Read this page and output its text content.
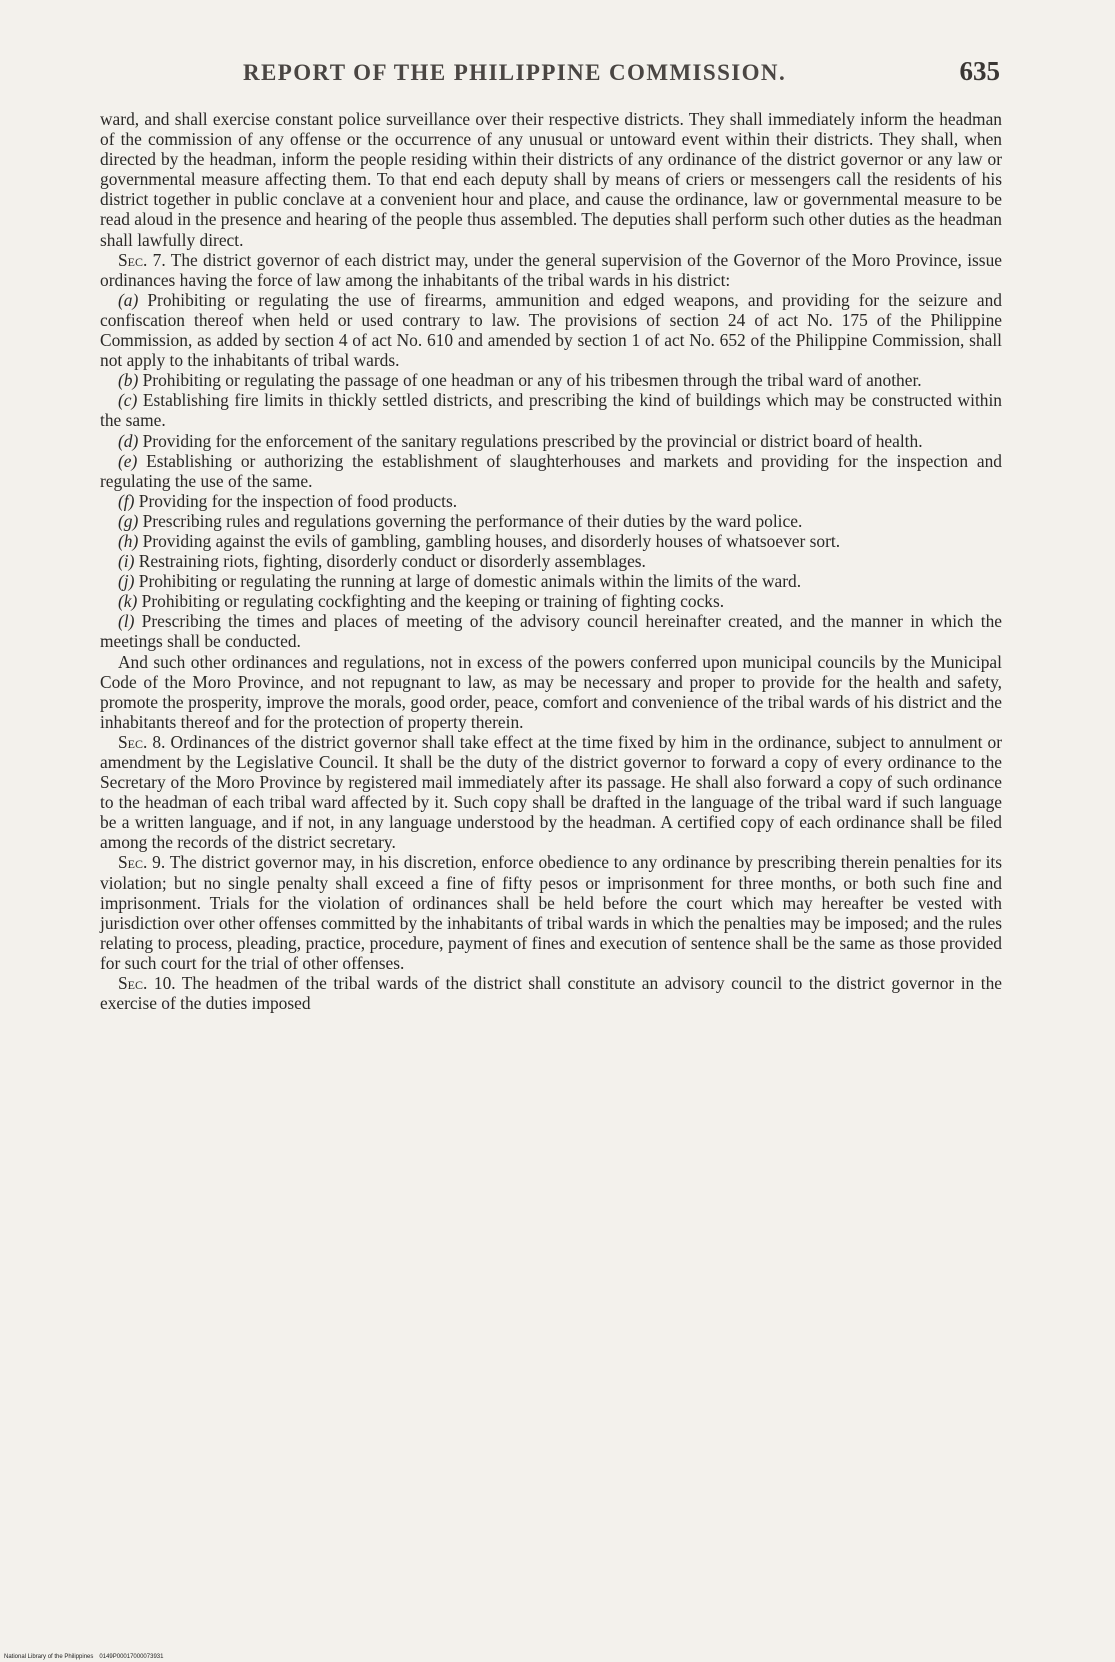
REPORT OF THE PHILIPPINE COMMISSION.	635

ward, and shall exercise constant police surveillance over their respective districts. They shall immediately inform the headman of the commission of any offense or the occurrence of any unusual or untoward event within their districts. They shall, when directed by the headman, inform the people residing within their districts of any ordinance of the district governor or any law or governmental measure affecting them. To that end each deputy shall by means of criers or messengers call the residents of his district together in public conclave at a convenient hour and place, and cause the ordinance, law or governmental measure to be read aloud in the presence and hearing of the people thus assembled. The deputies shall perform such other duties as the headman shall lawfully direct.

Sec. 7. The district governor of each district may, under the general supervision of the Governor of the Moro Province, issue ordinances having the force of law among the inhabitants of the tribal wards in his district:

(a) Prohibiting or regulating the use of firearms, ammunition and edged weapons, and providing for the seizure and confiscation thereof when held or used contrary to law. The provisions of section 24 of act No. 175 of the Philippine Commission, as added by section 4 of act No. 610 and amended by section 1 of act No. 652 of the Philippine Commission, shall not apply to the inhabitants of tribal wards.

(b) Prohibiting or regulating the passage of one headman or any of his tribesmen through the tribal ward of another.

(c) Establishing fire limits in thickly settled districts, and prescribing the kind of buildings which may be constructed within the same.

(d) Providing for the enforcement of the sanitary regulations prescribed by the provincial or district board of health.

(e) Establishing or authorizing the establishment of slaughterhouses and markets and providing for the inspection and regulating the use of the same.

(f) Providing for the inspection of food products.

(g) Prescribing rules and regulations governing the performance of their duties by the ward police.

(h) Providing against the evils of gambling, gambling houses, and disorderly houses of whatsoever sort.

(i) Restraining riots, fighting, disorderly conduct or disorderly assemblages.

(j) Prohibiting or regulating the running at large of domestic animals within the limits of the ward.

(k) Prohibiting or regulating cockfighting and the keeping or training of fighting cocks.

(l) Prescribing the times and places of meeting of the advisory council hereinafter created, and the manner in which the meetings shall be conducted.

And such other ordinances and regulations, not in excess of the powers conferred upon municipal councils by the Municipal Code of the Moro Province, and not repugnant to law, as may be necessary and proper to provide for the health and safety, promote the prosperity, improve the morals, good order, peace, comfort and convenience of the tribal wards of his district and the inhabitants thereof and for the protection of property therein.

Sec. 8. Ordinances of the district governor shall take effect at the time fixed by him in the ordinance, subject to annulment or amendment by the Legislative Council. It shall be the duty of the district governor to forward a copy of every ordinance to the Secretary of the Moro Province by registered mail immediately after its passage. He shall also forward a copy of such ordinance to the headman of each tribal ward affected by it. Such copy shall be drafted in the language of the tribal ward if such language be a written language, and if not, in any language understood by the headman. A certified copy of each ordinance shall be filed among the records of the district secretary.

Sec. 9. The district governor may, in his discretion, enforce obedience to any ordinance by prescribing therein penalties for its violation; but no single penalty shall exceed a fine of fifty pesos or imprisonment for three months, or both such fine and imprisonment. Trials for the violation of ordinances shall be held before the court which may hereafter be vested with jurisdiction over other offenses committed by the inhabitants of tribal wards in which the penalties may be imposed; and the rules relating to process, pleading, practice, procedure, payment of fines and execution of sentence shall be the same as those provided for such court for the trial of other offenses.

Sec. 10. The headmen of the tribal wards of the district shall constitute an advisory council to the district governor in the exercise of the duties imposed

National Library of the Philippines 0149P00017000073931
